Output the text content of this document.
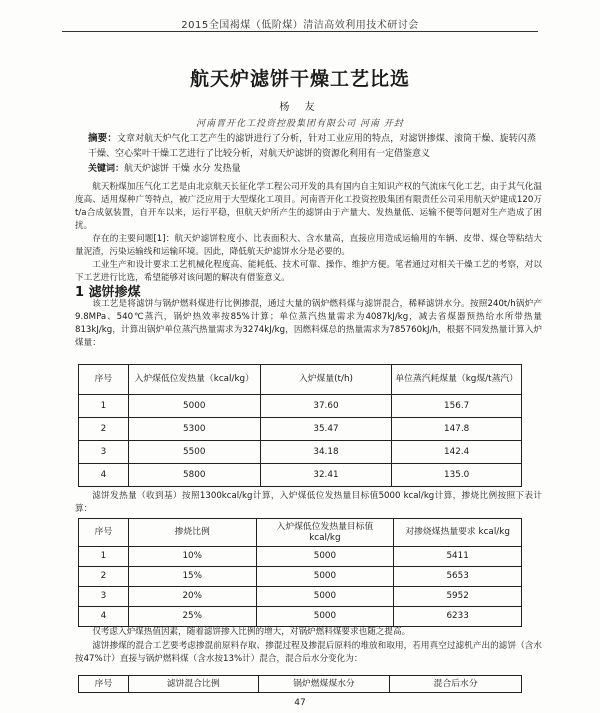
2015全国褐煤（低阶煤）清洁高效利用技术研讨会
航天炉滤饼干燥工艺比选
杨 友
河南晋开化工投资控股集团有限公司 河南 开封
摘要：文章对航天炉气化工艺产生的滤饼进行了分析，针对工业应用的特点，对滤饼掺煤、滚筒干燥、旋转闪蒸干燥、空心桨叶干燥工艺进行了比较分析，对航天炉滤饼的资源化利用有一定借鉴意义
关键词：航天炉滤饼 干燥 水分 发热量
航天粉煤加压气化工艺是由北京航天长征化学工程公司开发的具有国内自主知识产权的气流床气化工艺，由于其气化温度高、适用煤种广等特点，被广泛应用于大型煤化工项目。河南晋开化工投资控股集团有限责任公司采用航天炉建成120万t/a合成氨装置，自开车以来，运行平稳，但航天炉所产生的滤饼由于产量大、发热量低、运输不便等问题对生产造成了困扰。
存在的主要问题[1]：航天炉滤饼粒度小、比表面积大、含水量高，直接应用造成运输用的车辆、皮带、煤仓等粘结大量泥渣，污染运输线和运输环境。因此，降低航天炉滤饼水分是必要的。
工业生产和设计要求工艺机械化程度高、能耗低、技术可靠、操作、维护方便。笔者通过对相关干燥工艺的考察，对以下工艺进行比选，希望能够对该问题的解决有借鉴意义。
1 滤饼掺煤
该工艺是将滤饼与锅炉燃料煤进行比例掺混，通过大量的锅炉燃料煤与滤饼混合，稀释滤饼水分。按照240t/h锅炉产9.8MPa、540℃蒸汽，锅炉热效率按85%计算；单位蒸汽热量需求为4087kJ/kg，减去省煤器预热给水所带热量813kJ/kg，计算出锅炉单位蒸汽热量需求为3274kJ/kg，因燃料煤总的热量需求为785760kJ/h，根据不同发热量计算入炉煤量：
序号	入炉煤低位发热量（kcal/kg）	入炉煤量(t/h)	单位蒸汽耗煤量（kg煤/t蒸汽）
1	5000	37.60	156.7
2	5300	35.47	147.8
3	5500	34.18	142.4
4	5800	32.41	135.0
滤饼发热量（收到基）按照1300kcal/kg计算，入炉煤低位发热量目标值5000 kcal/kg计算，掺烧比例按照下表计算：
序号	掺烧比例	入炉煤低位发热量目标值 kcal/kg	对掺烧煤热量要求 kcal/kg
1	10%	5000	5411
2	15%	5000	5653
3	20%	5000	5952
4	25%	5000	6233
仅考虑入炉煤热值因素，随着滤饼掺入比例的增大，对锅炉燃料煤要求也随之提高。
滤饼掺煤的混合工艺要考虑掺混前原料存取、掺混过程及掺混后原料的堆放和取用，若用真空过滤机产出的滤饼（含水按47%计）直接与锅炉燃料煤（含水按13%计）混合，混合后水分变化为：
序号	滤饼混合比例	锅炉燃煤煤水分	混合后水分
47
